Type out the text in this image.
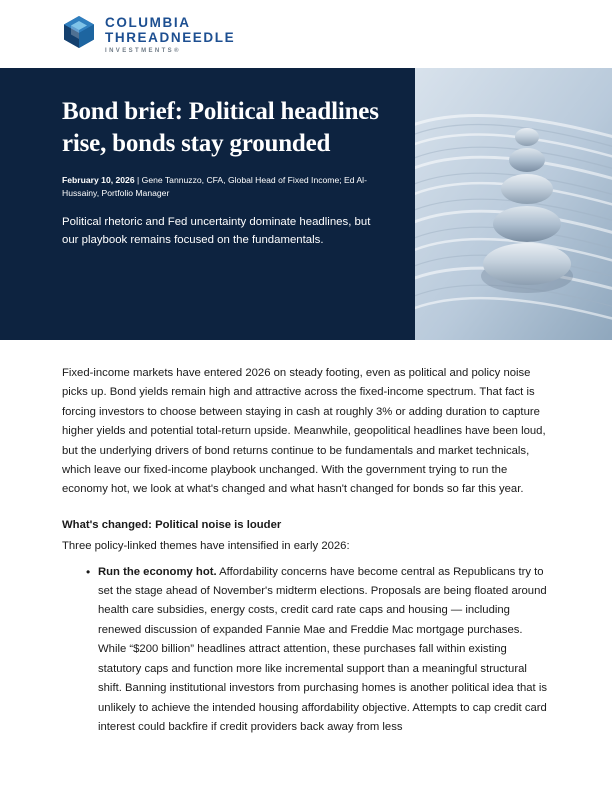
COLUMBIA
THREADNEEDLE
INVESTMENTS®
Bond brief: Political headlines rise, bonds stay grounded
February 10, 2026 | Gene Tannuzzo, CFA, Global Head of Fixed Income; Ed Al-Hussainy, Portfolio Manager
Political rhetoric and Fed uncertainty dominate headlines, but our playbook remains focused on the fundamentals.

Fixed-income markets have entered 2026 on steady footing, even as political and policy noise picks up. Bond yields remain high and attractive across the fixed-income spectrum. That fact is forcing investors to choose between staying in cash at roughly 3% or adding duration to capture higher yields and potential total-return upside. Meanwhile, geopolitical headlines have been loud, but the underlying drivers of bond returns continue to be fundamentals and market technicals, which leave our fixed-income playbook unchanged. With the government trying to run the economy hot, we look at what's changed and what hasn't changed for bonds so far this year.

What's changed: Political noise is louder

Three policy-linked themes have intensified in early 2026:

• Run the economy hot. Affordability concerns have become central as Republicans try to set the stage ahead of November's midterm elections. Proposals are being floated around health care subsidies, energy costs, credit card rate caps and housing — including renewed discussion of expanded Fannie Mae and Freddie Mac mortgage purchases. While “$200 billion” headlines attract attention, these purchases fall within existing statutory caps and function more like incremental support than a meaningful structural shift. Banning institutional investors from purchasing homes is another political idea that is unlikely to achieve the intended housing affordability objective. Attempts to cap credit card interest could backfire if credit providers back away from less
